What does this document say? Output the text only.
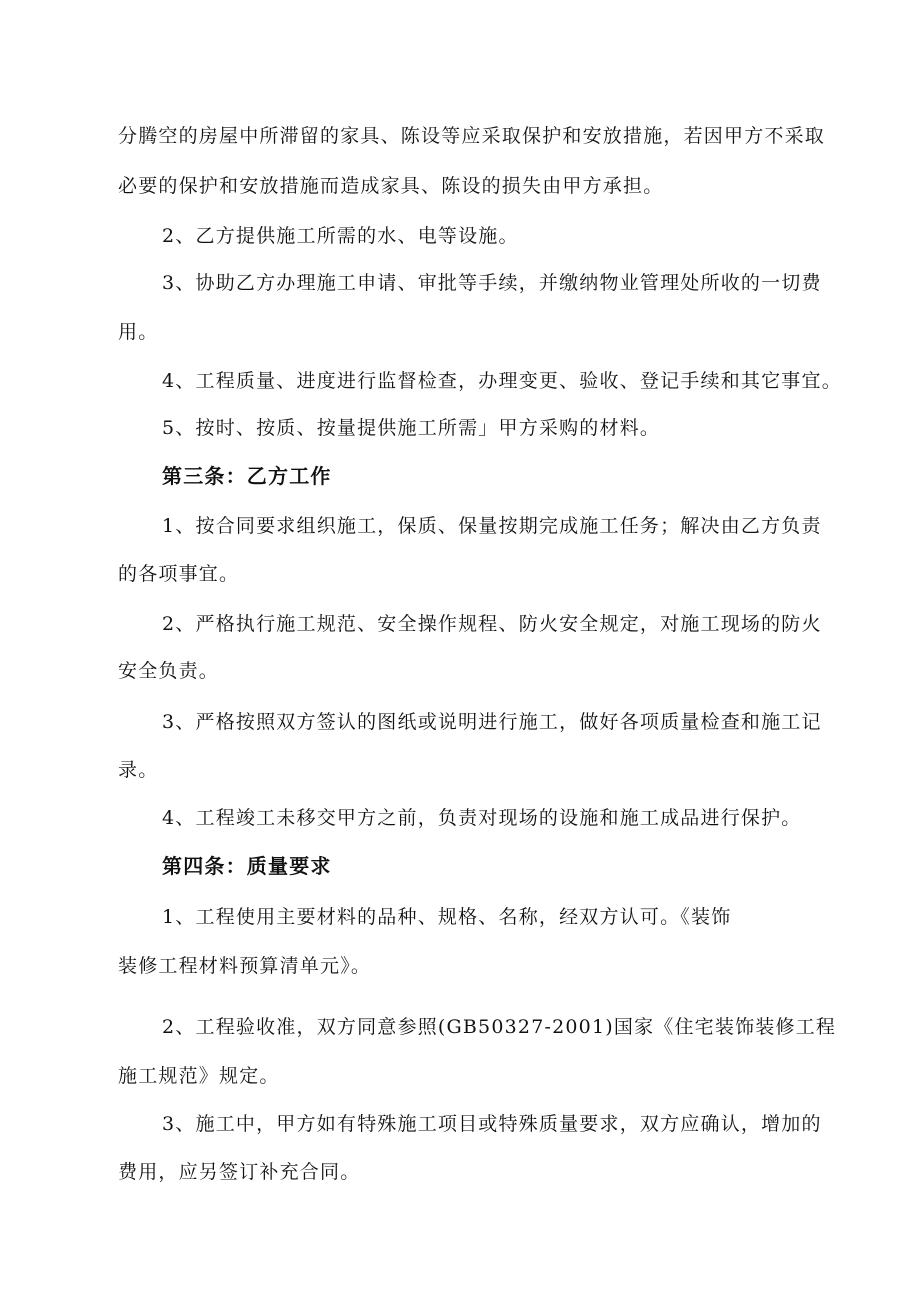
分腾空的房屋中所滞留的家具、陈设等应采取保护和安放措施，若因甲方不采取
必要的保护和安放措施而造成家具、陈设的损失由甲方承担。
2、乙方提供施工所需的水、电等设施。
3、协助乙方办理施工申请、审批等手续，并缴纳物业管理处所收的一切费
用。
4、工程质量、进度进行监督检查，办理变更、验收、登记手续和其它事宜。
5、按时、按质、按量提供施工所需」甲方采购的材料。
第三条：乙方工作
1、按合同要求组织施工，保质、保量按期完成施工任务；解决由乙方负责
的各项事宜。
2、严格执行施工规范、安全操作规程、防火安全规定，对施工现场的防火
安全负责。
3、严格按照双方签认的图纸或说明进行施工，做好各项质量检查和施工记
录。
4、工程竣工未移交甲方之前，负责对现场的设施和施工成品进行保护。
第四条：质量要求
1、工程使用主要材料的品种、规格、名称，经双方认可。《装饰
装修工程材料预算清单元》。
2、工程验收准，双方同意参照(GB50327-2001)国家《住宅装饰装修工程
施工规范》规定。
3、施工中，甲方如有特殊施工项目或特殊质量要求，双方应确认，增加的
费用，应另签订补充合同。
